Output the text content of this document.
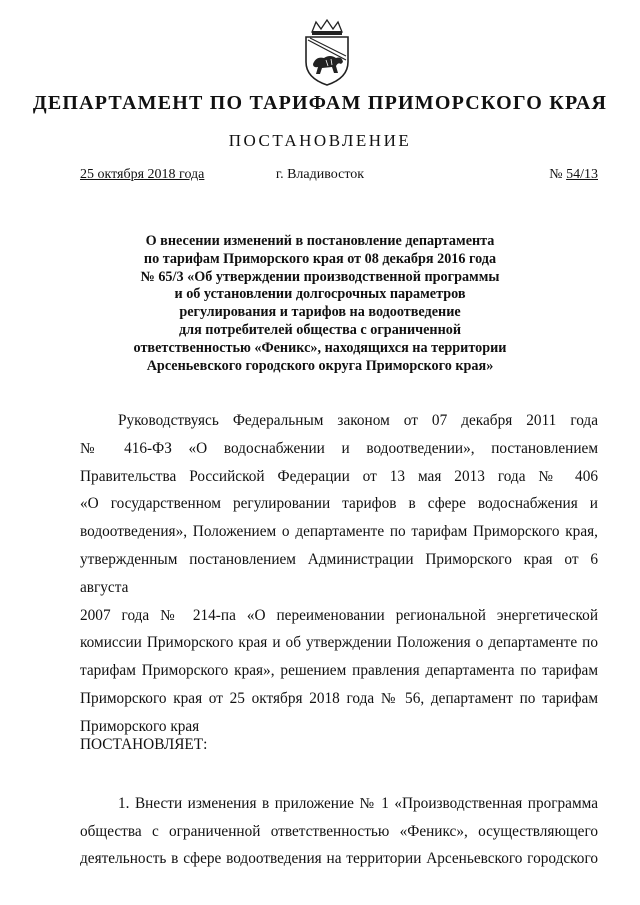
ДЕПАРТАМЕНТ ПО ТАРИФАМ ПРИМОРСКОГО КРАЯ
ПОСТАНОВЛЕНИЕ
25 октября 2018 года	г. Владивосток	№ 54/13
О внесении изменений в постановление департамента
по тарифам Приморского края от 08 декабря 2016 года
№ 65/3 «Об утверждении производственной программы
и об установлении долгосрочных параметров
регулирования и тарифов на водоотведение
для потребителей общества с ограниченной
ответственностью «Феникс», находящихся на территории
Арсеньевского городского округа Приморского края»
Руководствуясь Федеральным законом от 07 декабря 2011 года
№ 416-ФЗ «О водоснабжении и водоотведении», постановлением
Правительства Российской Федерации от 13 мая 2013 года № 406
«О государственном регулировании тарифов в сфере водоснабжения и
водоотведения», Положением о департаменте по тарифам Приморского края,
утвержденным постановлением Администрации Приморского края от 6 августа
2007 года № 214-па «О переименовании региональной энергетической
комиссии Приморского края и об утверждении Положения о департаменте по
тарифам Приморского края», решением правления департамента по тарифам
Приморского края от 25 октября 2018 года № 56, департамент по тарифам
Приморского края
ПОСТАНОВЛЯЕТ:
1. Внести изменения в приложение № 1 «Производственная программа
общества с ограниченной ответственностью «Феникс», осуществляющего
деятельность в сфере водоотведения на территории Арсеньевского городского
